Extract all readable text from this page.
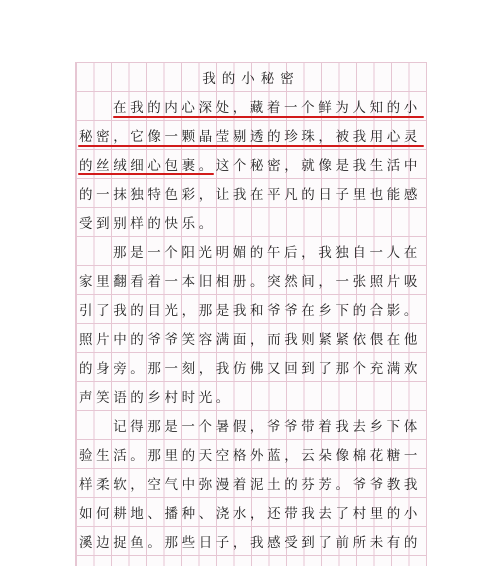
我的小秘密
在我的内心深处，藏着一个鲜为人知的小
秘密，它像一颗晶莹剔透的珍珠，被我用心灵
的丝绒细心包裹。这个秘密，就像是我生活中
的一抹独特色彩，让我在平凡的日子里也能感
受到别样的快乐。
那是一个阳光明媚的午后，我独自一人在
家里翻看着一本旧相册。突然间，一张照片吸
引了我的目光，那是我和爷爷在乡下的合影。
照片中的爷爷笑容满面，而我则紧紧依偎在他
的身旁。那一刻，我仿佛又回到了那个充满欢
声笑语的乡村时光。
记得那是一个暑假，爷爷带着我去乡下体
验生活。那里的天空格外蓝，云朵像棉花糖一
样柔软，空气中弥漫着泥土的芬芳。爷爷教我
如何耕地、播种、浇水，还带我去了村里的小
溪边捉鱼。那些日子，我感受到了前所未有的
